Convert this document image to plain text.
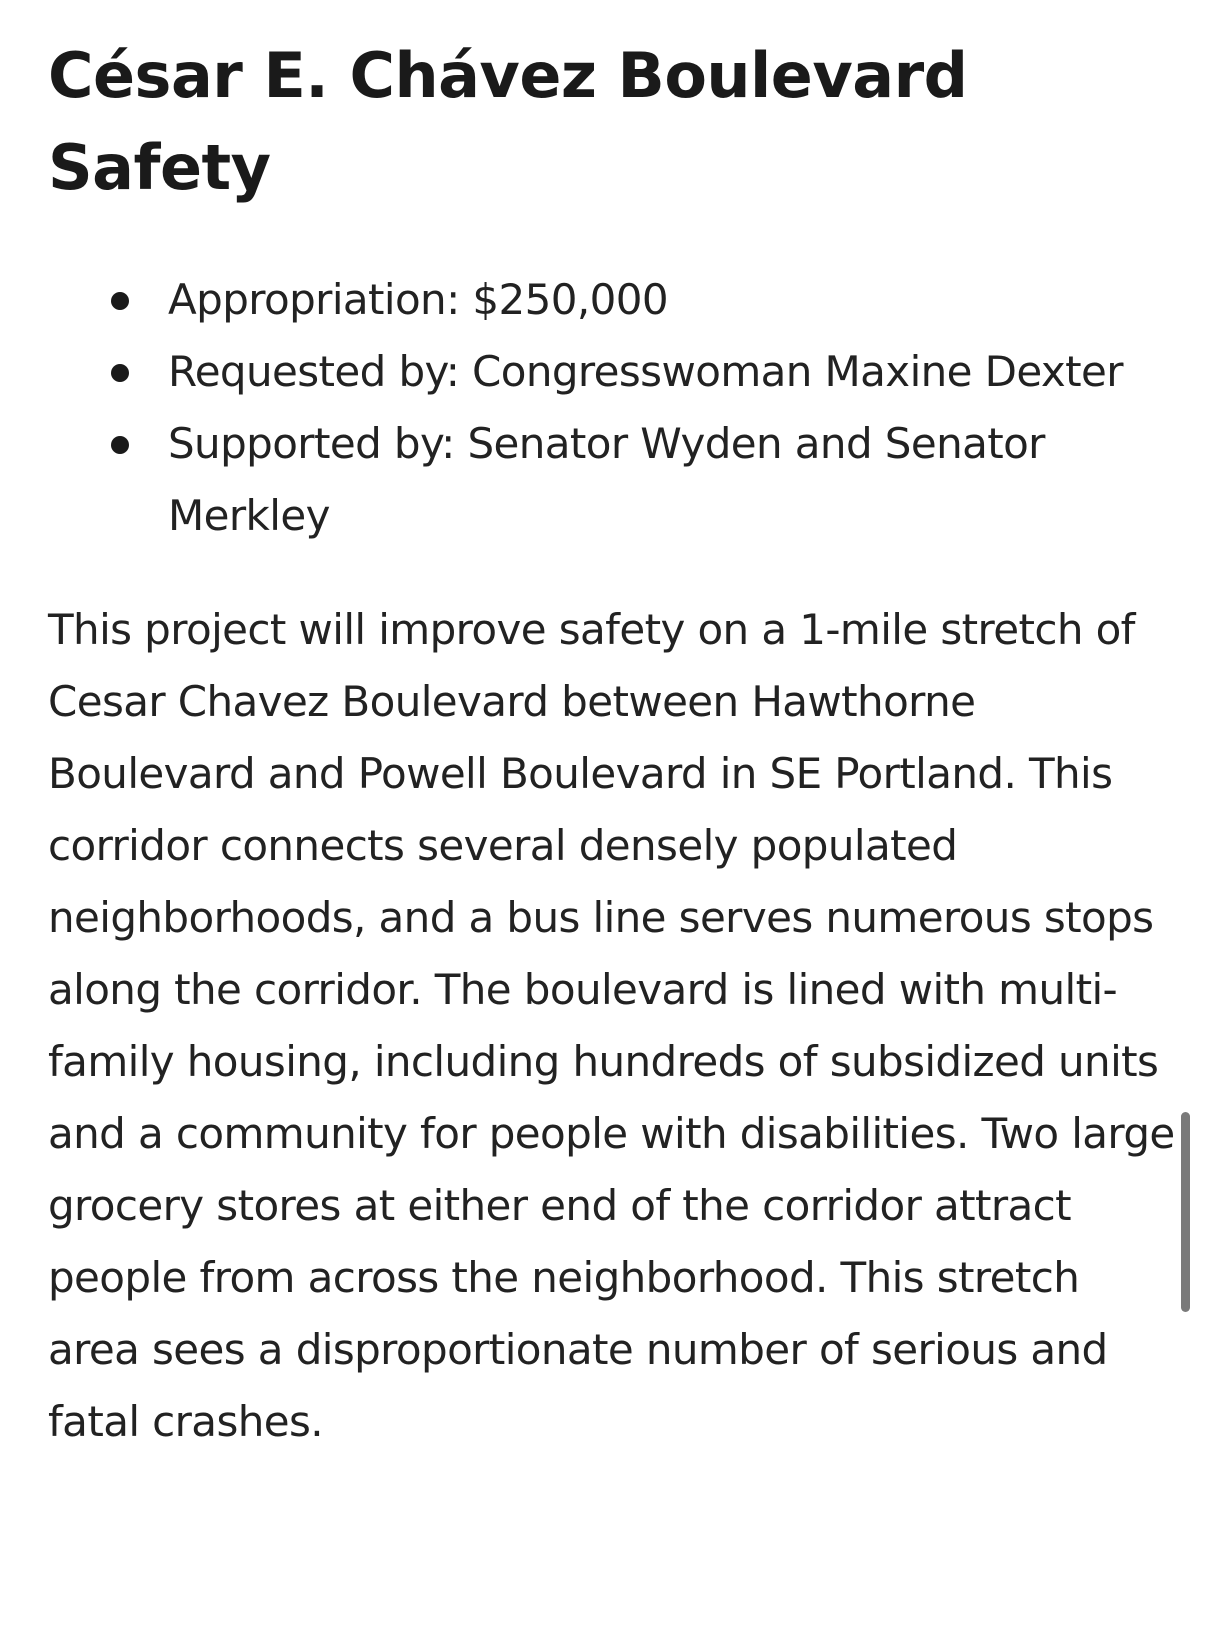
César E. Chávez Boulevard Safety
Appropriation: $250,000
Requested by: Congresswoman Maxine Dexter
Supported by: Senator Wyden and Senator Merkley

This project will improve safety on a 1-mile stretch of Cesar Chavez Boulevard between Hawthorne Boulevard and Powell Boulevard in SE Portland. This corridor connects several densely populated neighborhoods, and a bus line serves numerous stops along the corridor. The boulevard is lined with multi-family housing, including hundreds of subsidized units and a community for people with disabilities. Two large grocery stores at either end of the corridor attract people from across the neighborhood. This stretch area sees a disproportionate number of serious and fatal crashes.
